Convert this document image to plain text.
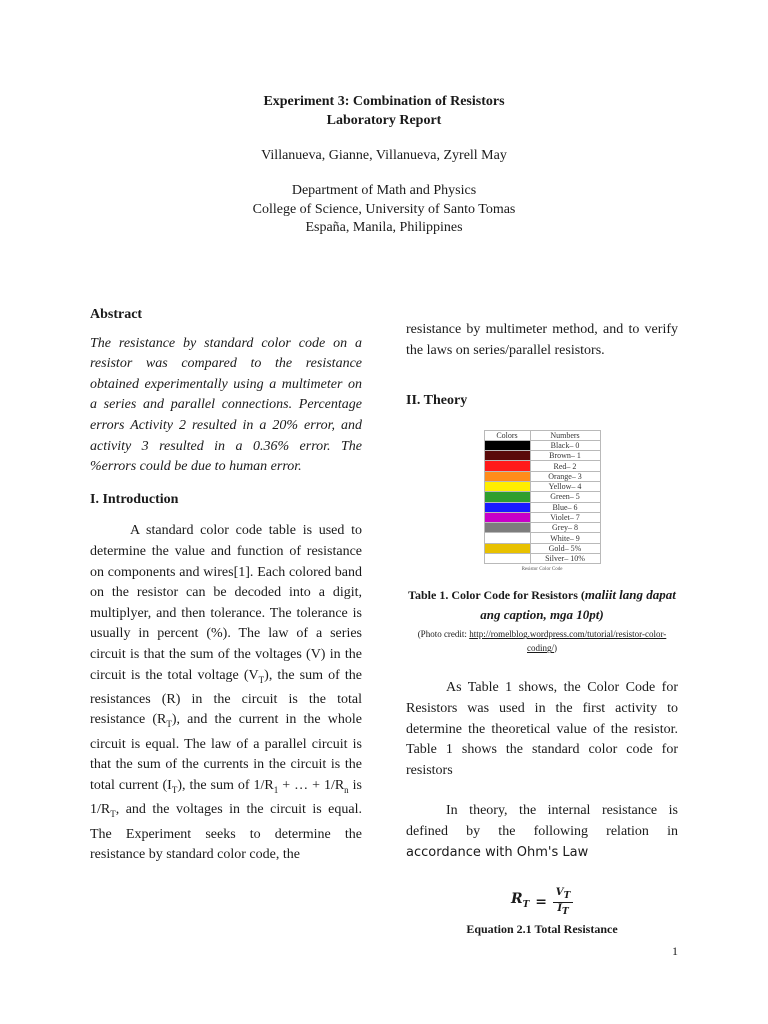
Experiment 3: Combination of Resistors
Laboratory Report
Villanueva, Gianne, Villanueva, Zyrell May
Department of Math and Physics
College of Science, University of Santo Tomas
España, Manila, Philippines
Abstract

The resistance by standard color code on a resistor was compared to the resistance obtained experimentally using a multimeter on a series and parallel connections. Percentage errors Activity 2 resulted in a 20% error, and activity 3 resulted in a 0.36% error. The %errors could be due to human error.

I. Introduction

A standard color code table is used to determine the value and function of resistance on components and wires[1]. Each colored band on the resistor can be decoded into a digit, multiplyer, and then tolerance. The tolerance is usually in percent (%). The law of a series circuit is that the sum of the voltages (V) in the circuit is the total voltage $(V_T)$, the sum of the resistances (R) in the circuit is the total resistance $(R_T)$, and the current in the whole circuit is equal. The law of a parallel circuit is that the sum of the currents in the circuit is the total current $(I_T)$, the sum of $1/R_1$ + … + $1/R_n$ is $1/R_T$, and the voltages in the circuit is equal. The Experiment seeks to determine the resistance by standard color code, the

resistance by multimeter method, and to verify the laws on series/parallel resistors.

II. Theory
Colors	Numbers
	Black– 0
	Brown– 1
	Red– 2
	Orange– 3
	Yellow– 4
	Green– 5
	Blue– 6
	Violet– 7
	Grey– 8
	White– 9
	Gold– 5%
	Silver– 10%
Resistor Color Code
Table 1. Color Code for Resistors (maliit lang dapat ang caption, mga 10pt)
(Photo credit: http://romelblog.wordpress.com/tutorial/resistor-color-coding/)

As Table 1 shows, the Color Code for Resistors was used in the first activity to determine the theoretical value of the resistor. Table 1 shows the standard color code for resistors

In theory, the internal resistance is defined by the following relation in accordance with Ohm's Law

$R_T = \frac{V_T}{I_T}$
Equation 2.1 Total Resistance
1
